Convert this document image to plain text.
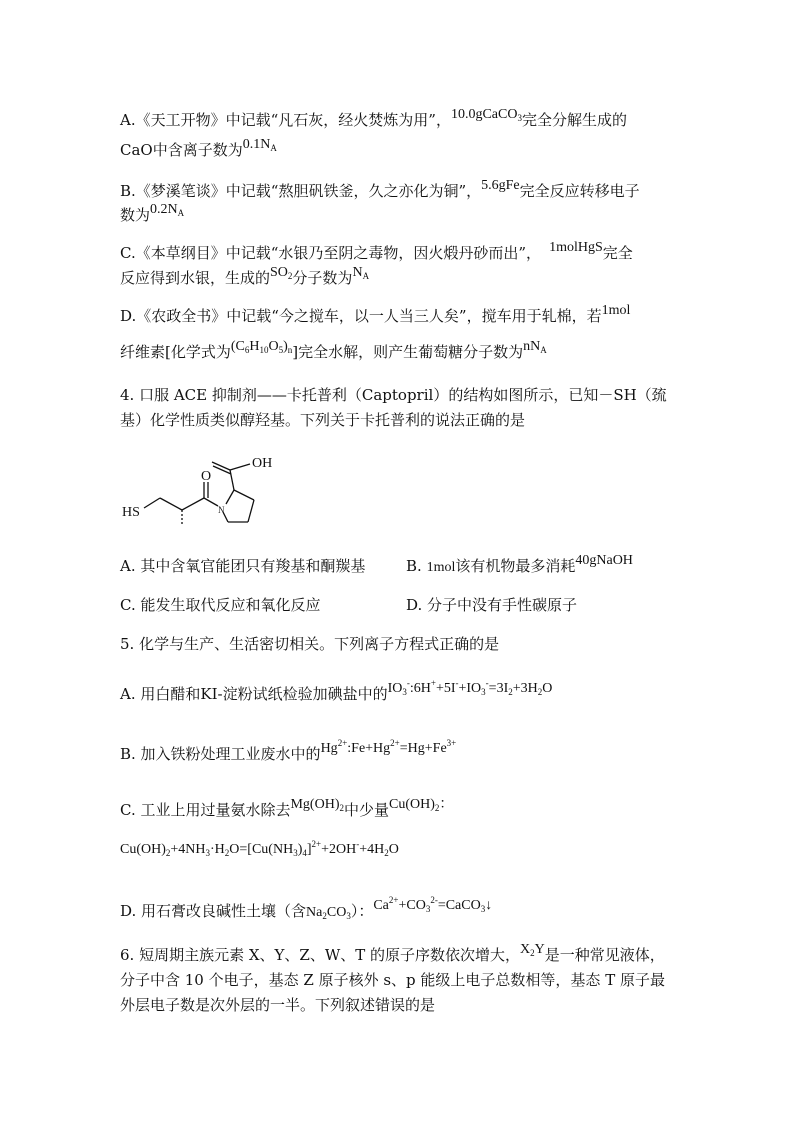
A.《天工开物》中记载“凡石灰，经火焚炼为用”，10.0gCaCO$_3$完全分解生成的
CaO中含离子数为$0.1N_A$
B.《梦溪笔谈》中记载“熬胆矾铁釜，久之亦化为铜”，5.6gFe完全反应转移电子
数为$0.2N_A$
C.《本草纲目》中记载“水银乃至阴之毒物，因火煅丹砂而出”， 1molHgS完全
反应得到水银，生成的$SO_2$分子数为$N_A$
D.《农政全书》中记载“今之搅车，以一人当三人矣”，搅车用于轧棉，若1mol
纤维素[化学式为$(C_6H_{10}O_5)_n$]完全水解，则产生葡萄糖分子数为$nN_A$
4. 口服 ACE 抑制剂——卡托普利（Captopril）的结构如图所示，已知－SH（巯
基）化学性质类似醇羟基。下列关于卡托普利的说法正确的是
O
OH
HS	N
A. 其中含氧官能团只有羧基和酮羰基	B. 1mol该有机物最多消耗40gNaOH
C. 能发生取代反应和氧化反应	D. 分子中没有手性碳原子
5. 化学与生产、生活密切相关。下列离子方程式正确的是
A. 用白醋和KI-淀粉试纸检验加碘盐中的$IO_3^-:6H^++5I^-+IO_3^-=3I_2+3H_2O$
B. 加入铁粉处理工业废水中的$Hg^{2+}:Fe+Hg^{2+}=Hg+Fe^{3+}$
C. 工业上用过量氨水除去$Mg(OH)_2$中少量$Cu(OH)_2$：
$Cu(OH)_2+4NH_3\cdot H_2O=[Cu(NH_3)_4]^{2+}+2OH^-+4H_2O$
D. 用石膏改良碱性土壤（含$Na_2CO_3$）：$Ca^{2+}+CO_3^{2-}=CaCO_3↓$
6. 短周期主族元素 X、Y、Z、W、T 的原子序数依次增大，$X_2Y$是一种常见液体，
分子中含 10 个电子，基态 Z 原子核外 s、p 能级上电子总数相等，基态 T 原子最
外层电子数是次外层的一半。下列叙述错误的是
